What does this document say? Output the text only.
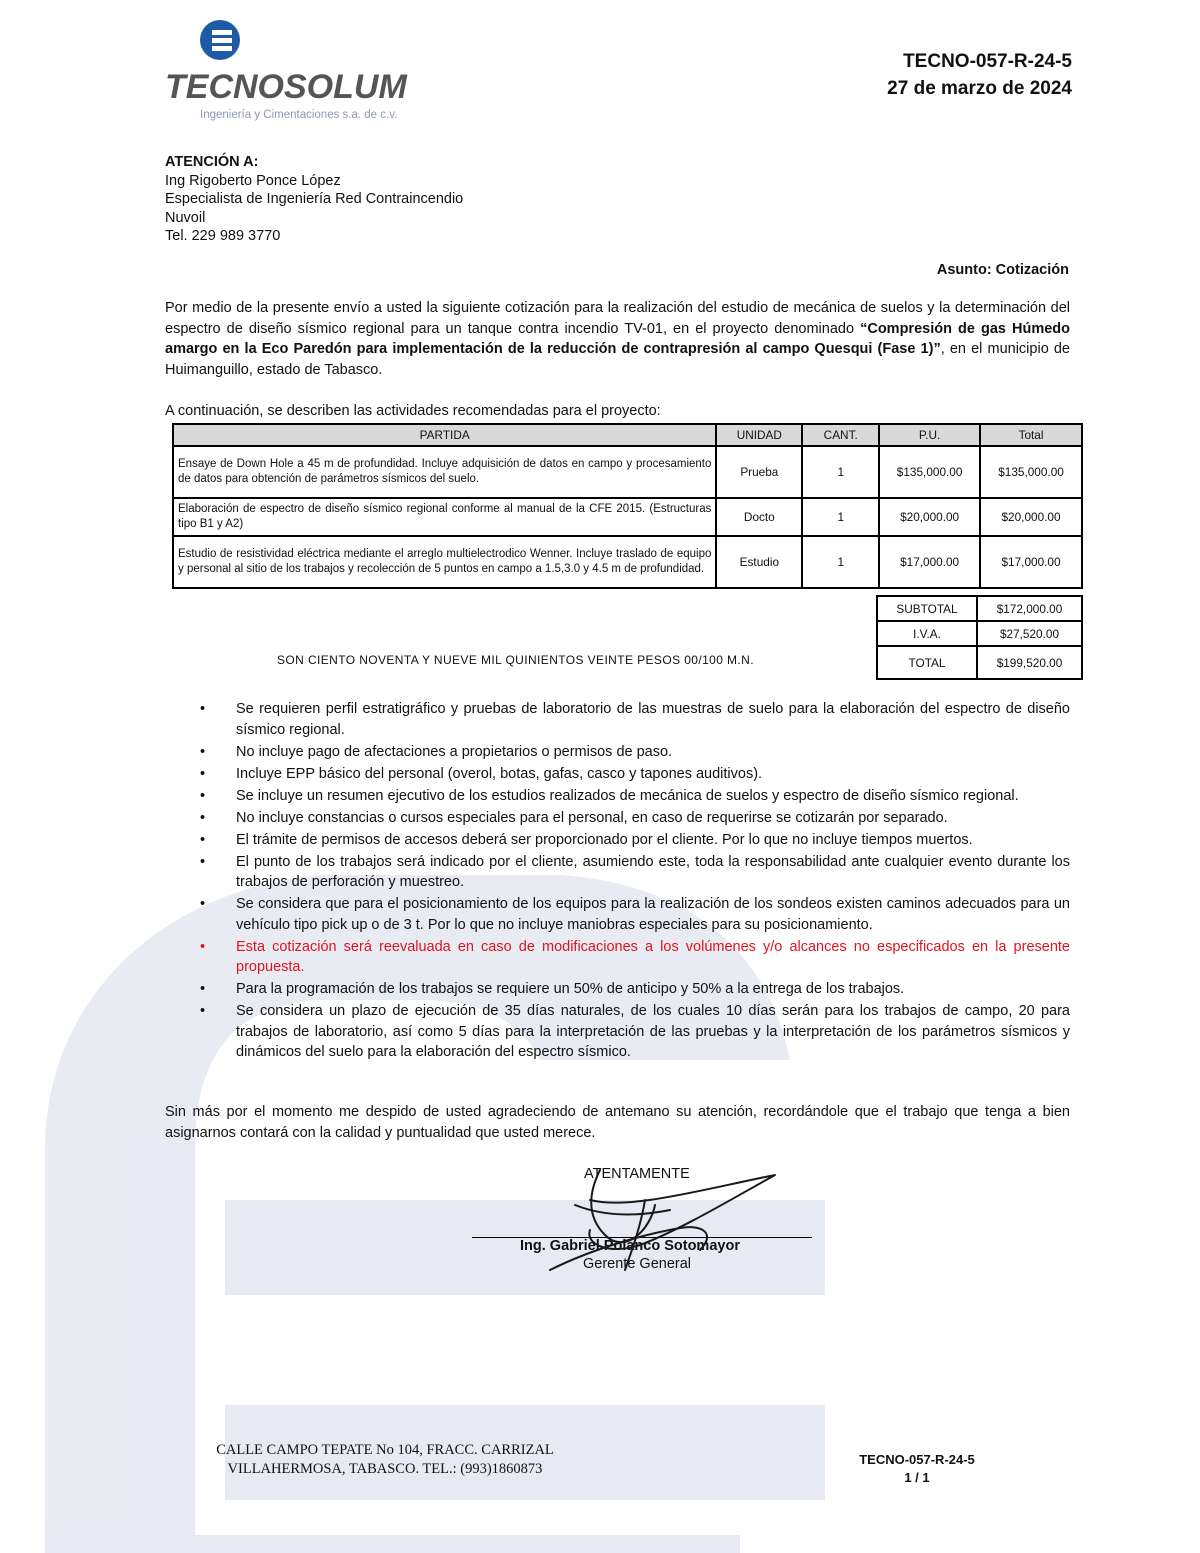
TECNOSOLUM
Ingeniería y Cimentaciones s.a. de c.v.
TECNO-057-R-24-5
27 de marzo de 2024
ATENCIÓN A:
Ing Rigoberto Ponce López
Especialista de Ingeniería Red Contraincendio
Nuvoil
Tel. 229 989 3770
Asunto: Cotización
Por medio de la presente envío a usted la siguiente cotización para la realización del estudio de mecánica de suelos y la determinación del espectro de diseño sísmico regional para un tanque contra incendio TV-01, en el proyecto denominado “Compresión de gas Húmedo amargo en la Eco Paredón para implementación de la reducción de contrapresión al campo Quesqui (Fase 1)”, en el municipio de Huimanguillo, estado de Tabasco.
A continuación, se describen las actividades recomendadas para el proyecto:
PARTIDA	UNIDAD	CANT.	P.U.	Total
Ensaye de Down Hole a 45 m de profundidad. Incluye adquisición de datos en campo y procesamiento de datos para obtención de parámetros sísmicos del suelo.	Prueba	1	$135,000.00	$135,000.00
Elaboración de espectro de diseño sísmico regional conforme al manual de la CFE 2015. (Estructuras tipo B1 y A2)	Docto	1	$20,000.00	$20,000.00
Estudio de resistividad eléctrica mediante el arreglo multielectrodico Wenner. Incluye traslado de equipo y personal al sitio de los trabajos y recolección de 5 puntos en campo a 1.5,3.0 y 4.5 m de profundidad.	Estudio	1	$17,000.00	$17,000.00
SUBTOTAL	$172,000.00
I.V.A.	$27,520.00
TOTAL	$199,520.00
SON CIENTO NOVENTA Y NUEVE MIL QUINIENTOS VEINTE PESOS 00/100 M.N.
• Se requieren perfil estratigráfico y pruebas de laboratorio de las muestras de suelo para la elaboración del espectro de diseño sísmico regional.
• No incluye pago de afectaciones a propietarios o permisos de paso.
• Incluye EPP básico del personal (overol, botas, gafas, casco y tapones auditivos).
• Se incluye un resumen ejecutivo de los estudios realizados de mecánica de suelos y espectro de diseño sísmico regional.
• No incluye constancias o cursos especiales para el personal, en caso de requerirse se cotizarán por separado.
• El trámite de permisos de accesos deberá ser proporcionado por el cliente. Por lo que no incluye tiempos muertos.
• El punto de los trabajos será indicado por el cliente, asumiendo este, toda la responsabilidad ante cualquier evento durante los trabajos de perforación y muestreo.
• Se considera que para el posicionamiento de los equipos para la realización de los sondeos existen caminos adecuados para un vehículo tipo pick up o de 3 t. Por lo que no incluye maniobras especiales para su posicionamiento.
• Esta cotización será reevaluada en caso de modificaciones a los volúmenes y/o alcances no especificados en la presente propuesta.
• Para la programación de los trabajos se requiere un 50% de anticipo y 50% a la entrega de los trabajos.
• Se considera un plazo de ejecución de 35 días naturales, de los cuales 10 días serán para los trabajos de campo, 20 para trabajos de laboratorio, así como 5 días para la interpretación de las pruebas y la interpretación de los parámetros sísmicos y dinámicos del suelo para la elaboración del espectro sísmico.
Sin más por el momento me despido de usted agradeciendo de antemano su atención, recordándole que el trabajo que tenga a bien asignarnos contará con la calidad y puntualidad que usted merece.
ATENTAMENTE
Ing. Gabriel Polanco Sotomayor
Gerente General
CALLE CAMPO TEPATE No 104, FRACC. CARRIZAL
VILLAHERMOSA, TABASCO. TEL.: (993)1860873
TECNO-057-R-24-5
1 / 1
